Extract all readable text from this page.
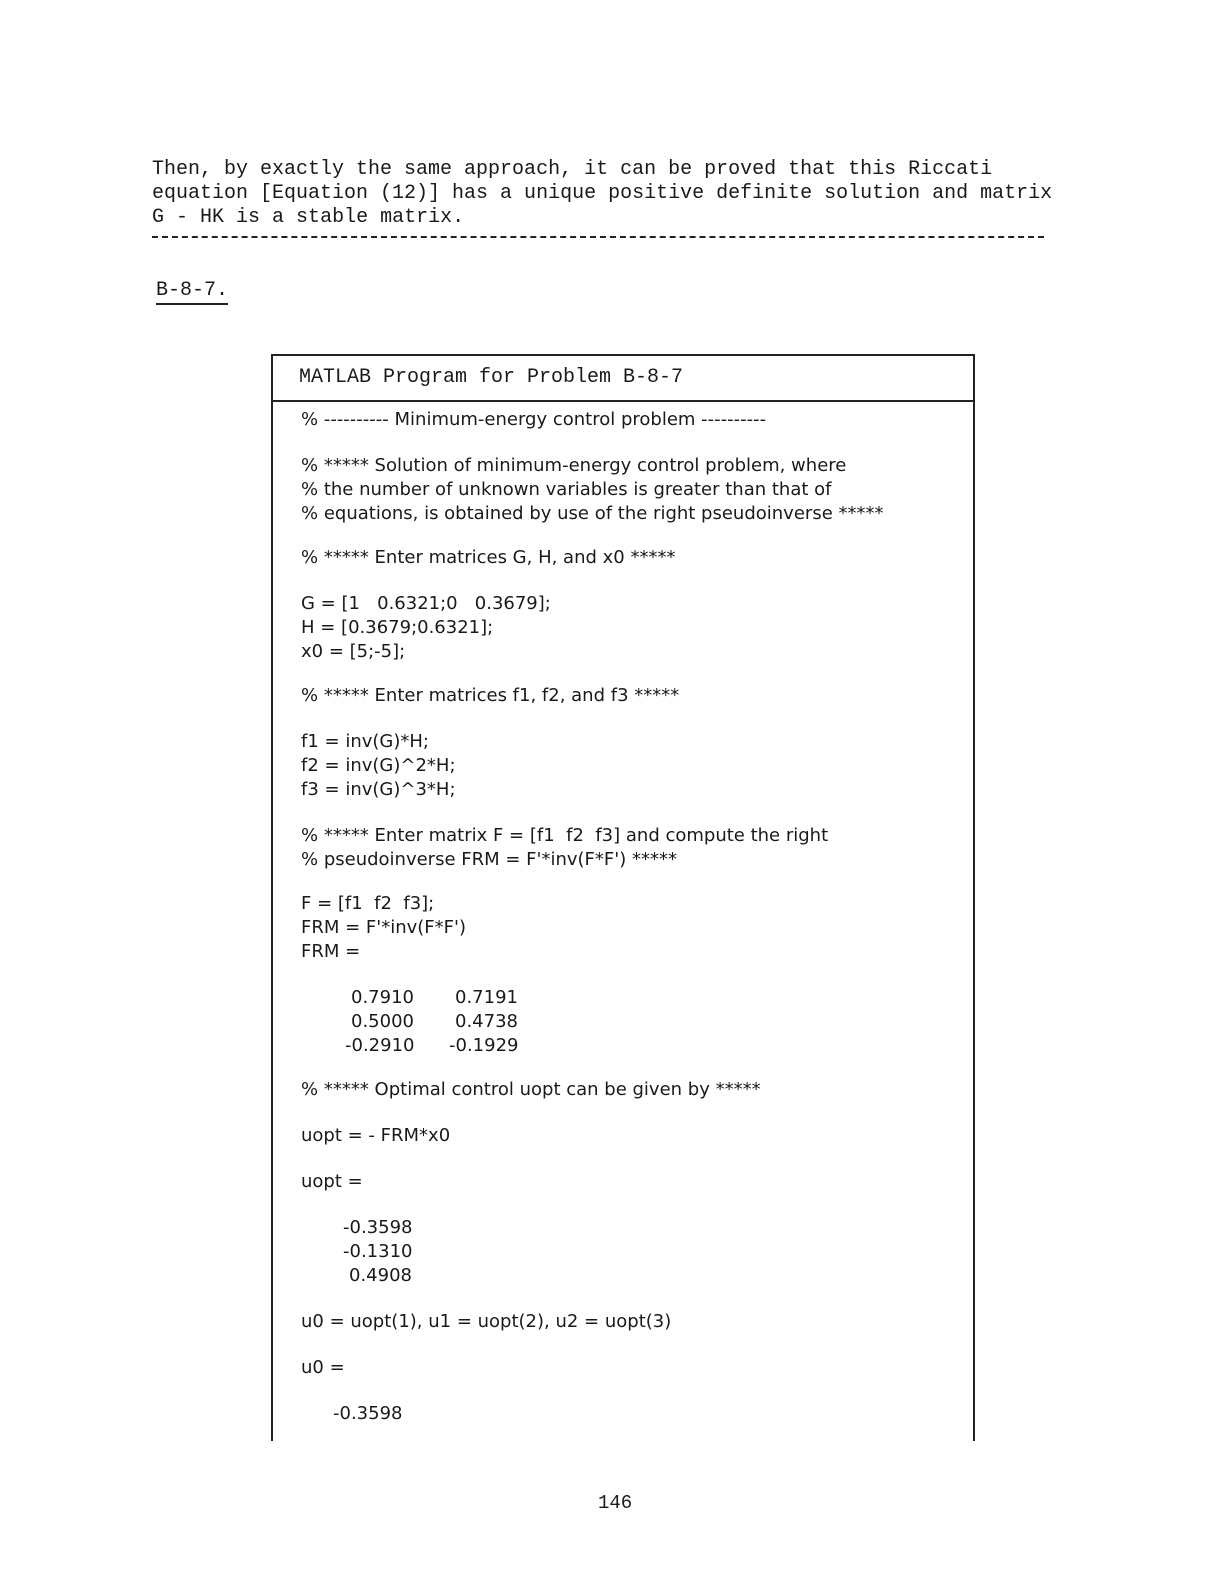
Then, by exactly the same approach, it can be proved that this Riccati
equation [Equation (12)] has a unique positive definite solution and matrix
G - HK is a stable matrix.
B-8-7.
MATLAB Program for Problem B-8-7
% ---------- Minimum-energy control problem ----------
% ***** Solution of minimum-energy control problem, where
% the number of unknown variables is greater than that of
% equations, is obtained by use of the right pseudoinverse *****
% ***** Enter matrices G, H, and x0 *****
G = [1   0.6321;0   0.3679];
H = [0.3679;0.6321];
x0 = [5;-5];
% ***** Enter matrices f1, f2, and f3 *****
f1 = inv(G)*H;
f2 = inv(G)^2*H;
f3 = inv(G)^3*H;
% ***** Enter matrix F = [f1  f2  f3] and compute the right
% pseudoinverse FRM = F'*inv(F*F') *****
F = [f1  f2  f3];
FRM = F'*inv(F*F')
FRM =
0.7910 0.7191
0.5000 0.4738
-0.2910 -0.1929
% ***** Optimal control uopt can be given by *****
uopt = - FRM*x0
uopt =
-0.3598
-0.1310
0.4908
u0 = uopt(1), u1 = uopt(2), u2 = uopt(3)
u0 =
-0.3598
146
